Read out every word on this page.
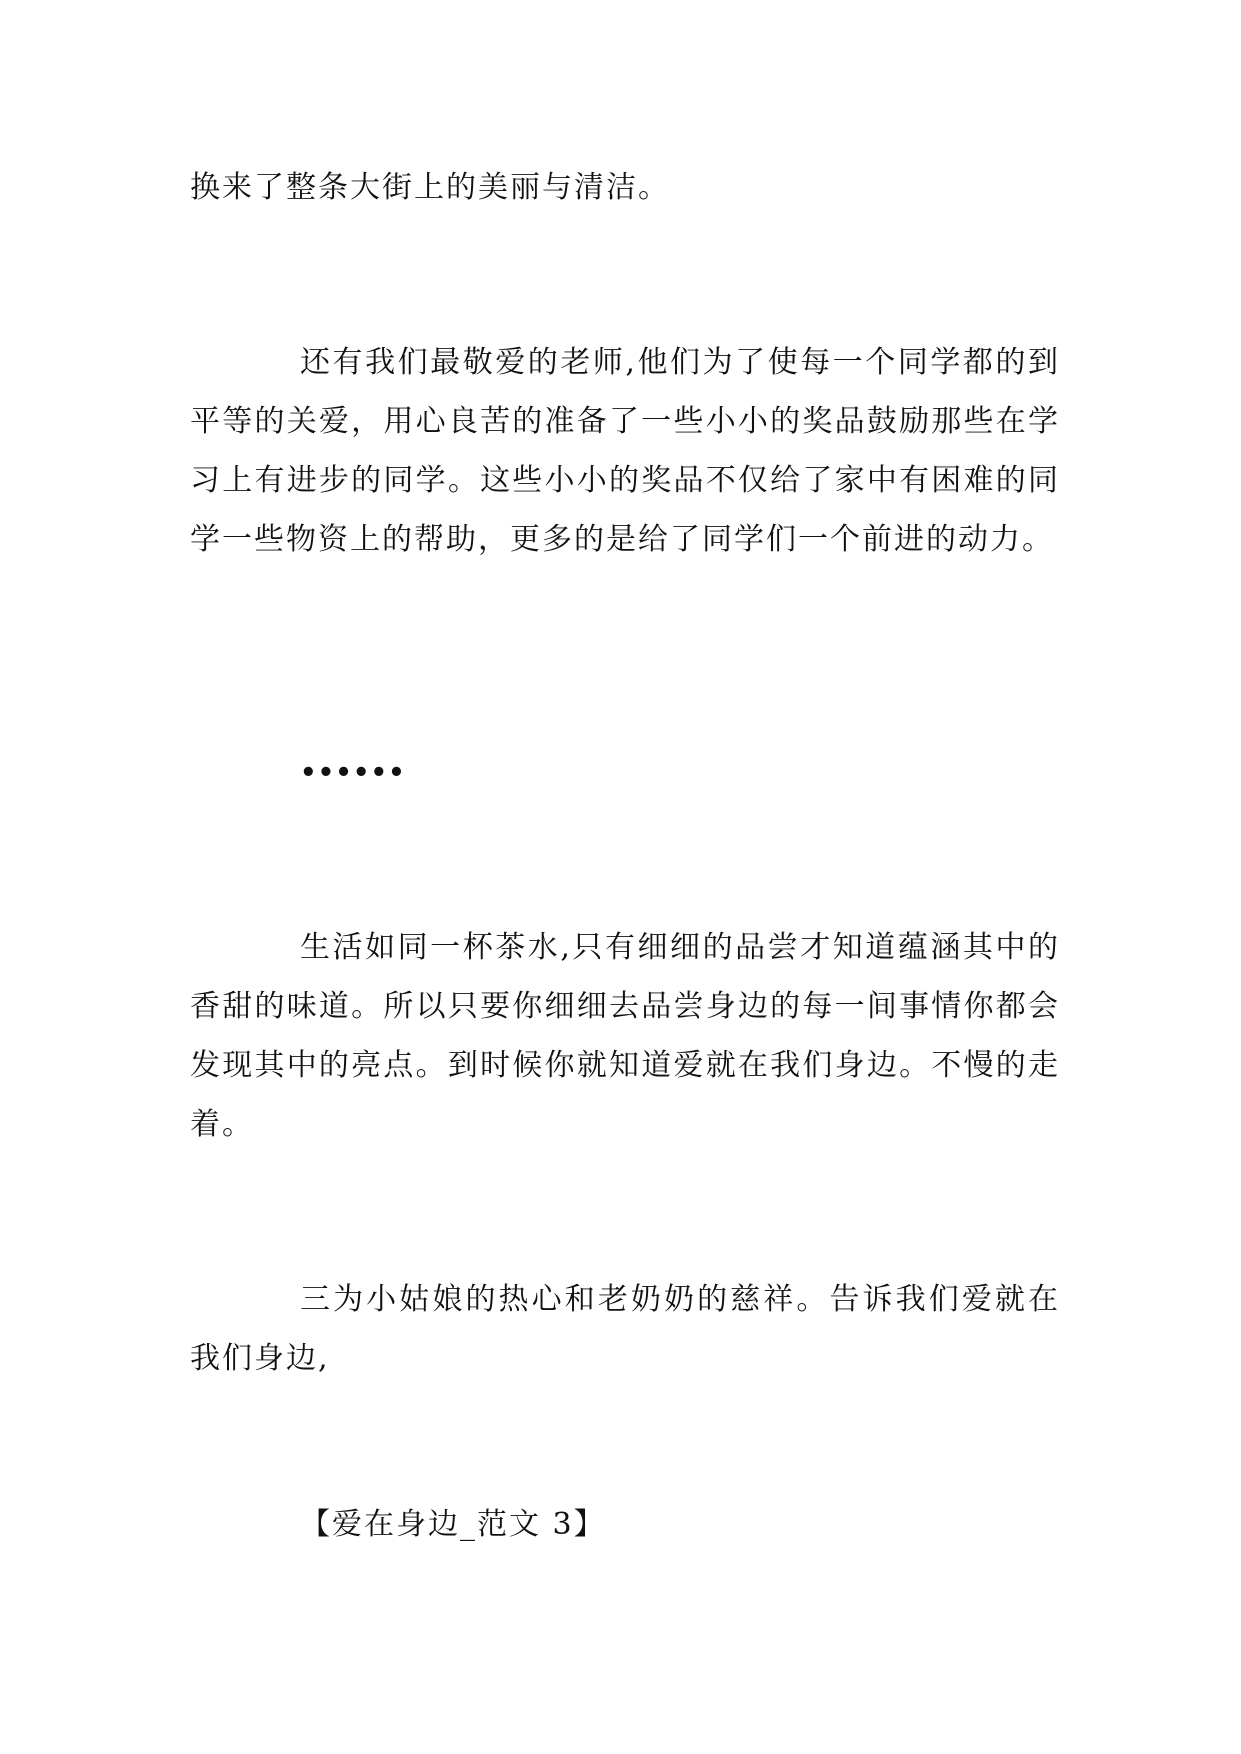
换来了整条大街上的美丽与清洁。

还有我们最敬爱的老师,他们为了使每一个同学都的到平等的关爱，用心良苦的准备了一些小小的奖品鼓励那些在学习上有进步的同学。这些小小的奖品不仅给了家中有困难的同学一些物资上的帮助，更多的是给了同学们一个前进的动力。

••••••

生活如同一杯茶水,只有细细的品尝才知道蕴涵其中的香甜的味道。所以只要你细细去品尝身边的每一间事情你都会发现其中的亮点。到时候你就知道爱就在我们身边。不慢的走着。

三为小姑娘的热心和老奶奶的慈祥。告诉我们爱就在我们身边,

【爱在身边_范文 3】
